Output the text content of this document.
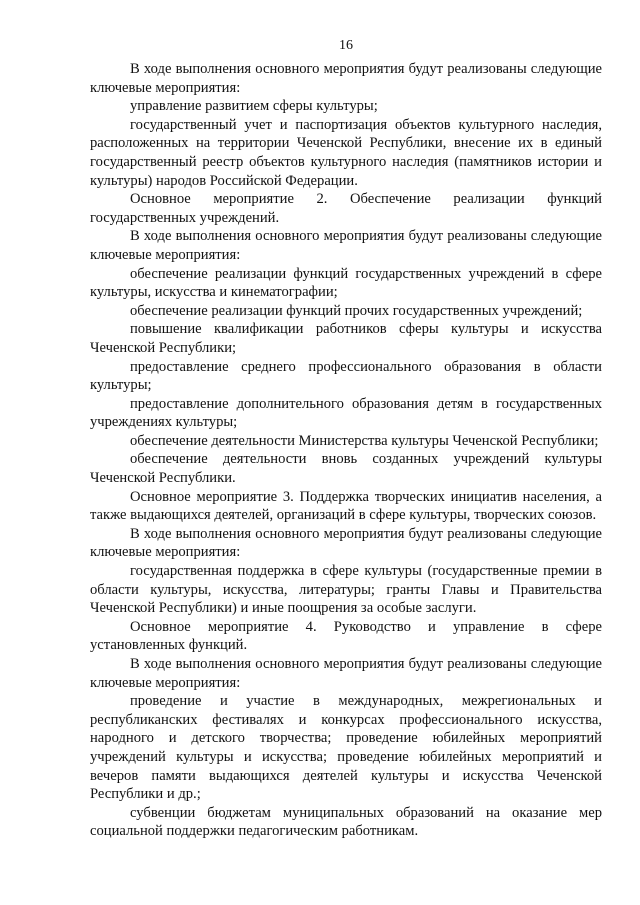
16

В ходе выполнения основного мероприятия будут реализованы следующие ключевые мероприятия:

управление развитием сферы культуры;

государственный учет и паспортизация объектов культурного наследия, расположенных на территории Чеченской Республики, внесение их в единый государственный реестр объектов культурного наследия (памятников истории и культуры) народов Российской Федерации.

Основное мероприятие 2. Обеспечение реализации функций государственных учреждений.

В ходе выполнения основного мероприятия будут реализованы следующие ключевые мероприятия:

обеспечение реализации функций государственных учреждений в сфере культуры, искусства и кинематографии;

обеспечение реализации функций прочих государственных учреждений;

повышение квалификации работников сферы культуры и искусства Чеченской Республики;

предоставление среднего профессионального образования в области культуры;

предоставление дополнительного образования детям в государственных учреждениях культуры;

обеспечение деятельности Министерства культуры Чеченской Республики;

обеспечение деятельности вновь созданных учреждений культуры Чеченской Республики.

Основное мероприятие 3. Поддержка творческих инициатив населения, а также выдающихся деятелей, организаций в сфере культуры, творческих союзов.

В ходе выполнения основного мероприятия будут реализованы следующие ключевые мероприятия:

государственная поддержка в сфере культуры (государственные премии в области культуры, искусства, литературы; гранты Главы и Правительства Чеченской Республики) и иные поощрения за особые заслуги.

Основное мероприятие 4. Руководство и управление в сфере установленных функций.

В ходе выполнения основного мероприятия будут реализованы следующие ключевые мероприятия:

проведение и участие в международных, межрегиональных и республиканских фестивалях и конкурсах профессионального искусства, народного и детского творчества; проведение юбилейных мероприятий учреждений культуры и искусства; проведение юбилейных мероприятий и вечеров памяти выдающихся деятелей культуры и искусства Чеченской Республики и др.;

субвенции бюджетам муниципальных образований на оказание мер социальной поддержки педагогическим работникам.
